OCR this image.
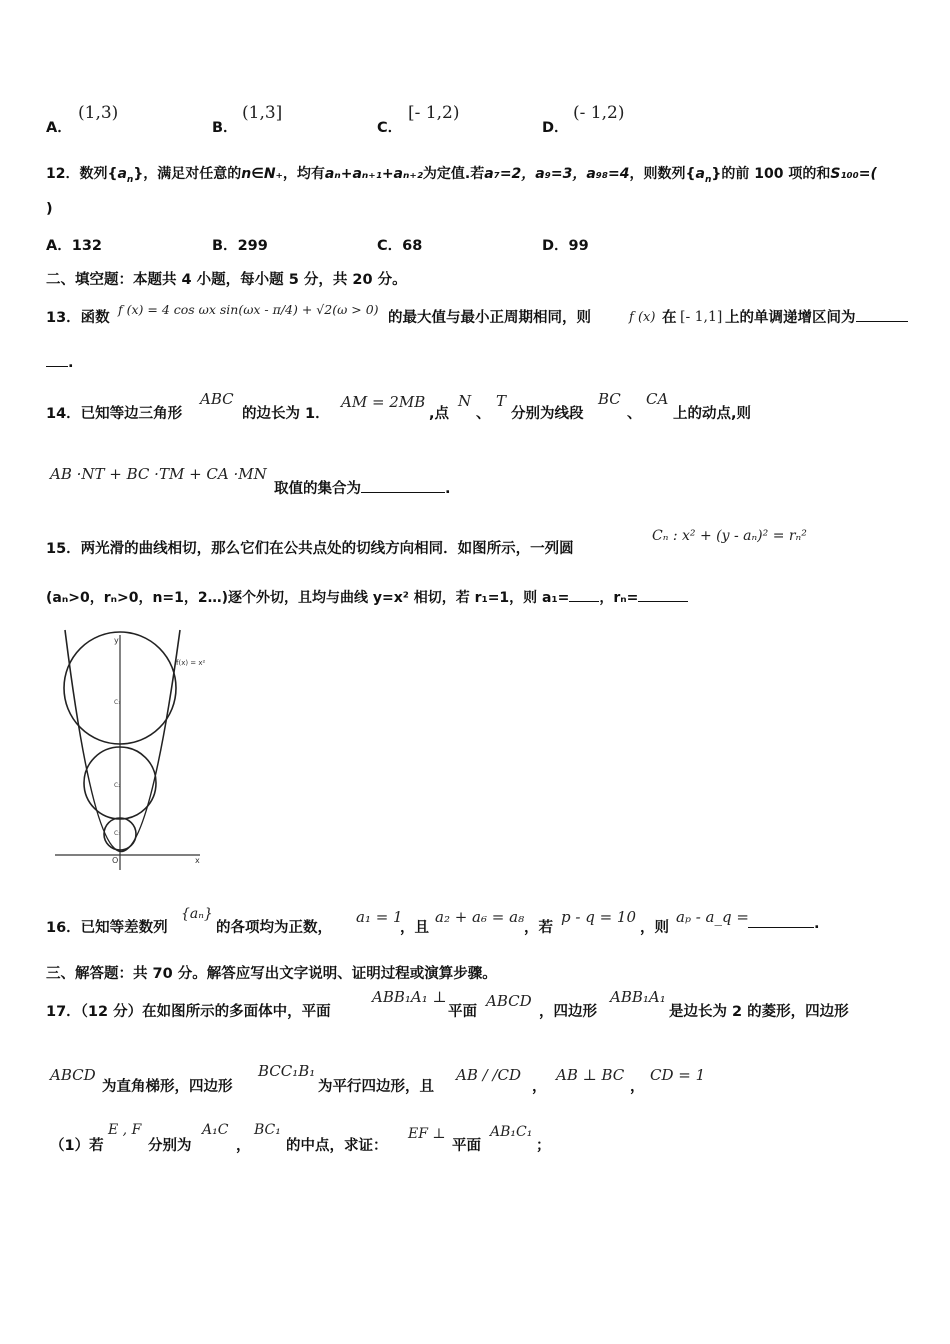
A．
(1,3)
B．
(1,3]
C．
[- 1,2)
D．
(- 1,2)
12．数列$\{a_n\}$，满足对任意的n∈N₊，均有aₙ+aₙ₊₁+aₙ₊₂为定值.若a₇=2，a₉=3，a₉₈=4，则数列$\{a_n\}$的前 100 项的和S₁₀₀=(
)
A．132	B．299	C．68	D．99
二、填空题：本题共 4 小题，每小题 5 分，共 20 分。
13．函数
f (x) = 4 cos ωx sin(ωx - π/4) + √2(ω > 0)
的最大值与最小正周期相同，则	f (x) 在 [- 1,1] 上的单调递增区间为
.
14．已知等边三角形
ABC
的边长为 1．
AM = 2MB
,点
N
、
T
分别为线段
BC
、
CA
上的动点,则
AB ·NT + BC ·TM + CA ·MN
取值的集合为	.
15．两光滑的曲线相切，那么它们在公共点处的切线方向相同．如图所示，一列圆
Cₙ : x² + (y - aₙ)² = rₙ²
(aₙ>0，rₙ>0，n=1，2…)逐个外切，且均与曲线 y=x² 相切，若 r₁=1，则 a₁= ，rₙ=
y
x
O
f(x) = x²
C₁
C₂
C₃
16．已知等差数列
{aₙ}
的各项均为正数，
a₁ = 1
，且
a₂ + a₆ = a₈
，若
p - q = 10
，则
aₚ - a_q =	.
三、解答题：共 70 分。解答应写出文字说明、证明过程或演算步骤。
17．（12 分）在如图所示的多面体中，平面
ABB₁A₁ ⊥
平面
ABCD
，四边形
ABB₁A₁
是边长为 2 的菱形，四边形
ABCD
为直角梯形，四边形
BCC₁B₁
为平行四边形，且
AB / /CD
，
AB ⊥ BC
，
CD = 1
（1）若
E , F
分别为
A₁C
，
BC₁
的中点，求证：
EF ⊥
平面
AB₁C₁
；
